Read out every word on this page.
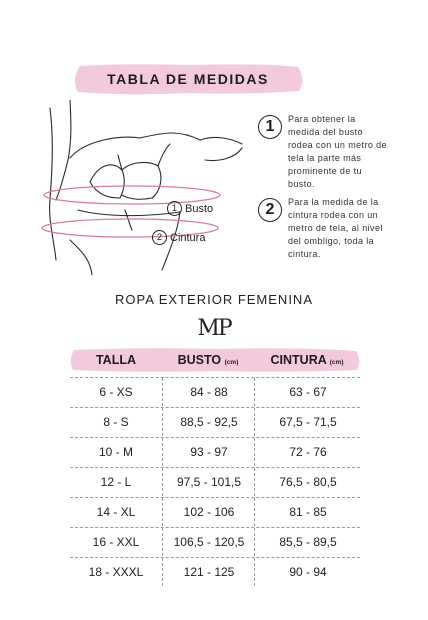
TABLA DE MEDIDAS
1 Busto
2 Cintura
1	Para obtener la medida del busto rodea con un metro de tela la parte más prominente de tu busto.
2	Para la medida de la cintura rodea con un metro de tela, al nivel del ombligo, toda la cintura.
ROPA EXTERIOR FEMENINA
MP
TALLA	BUSTO (cm)	CINTURA (cm)
6 - XS	84 - 88	63 - 67
8 - S	88,5 - 92,5	67,5 - 71,5
10 - M	93 - 97	72 - 76
12 - L	97,5 - 101,5	76,5 - 80,5
14 - XL	102 - 106	81 - 85
16 - XXL	106,5 - 120,5	85,5 - 89,5
18 - XXXL	121 - 125	90 - 94
